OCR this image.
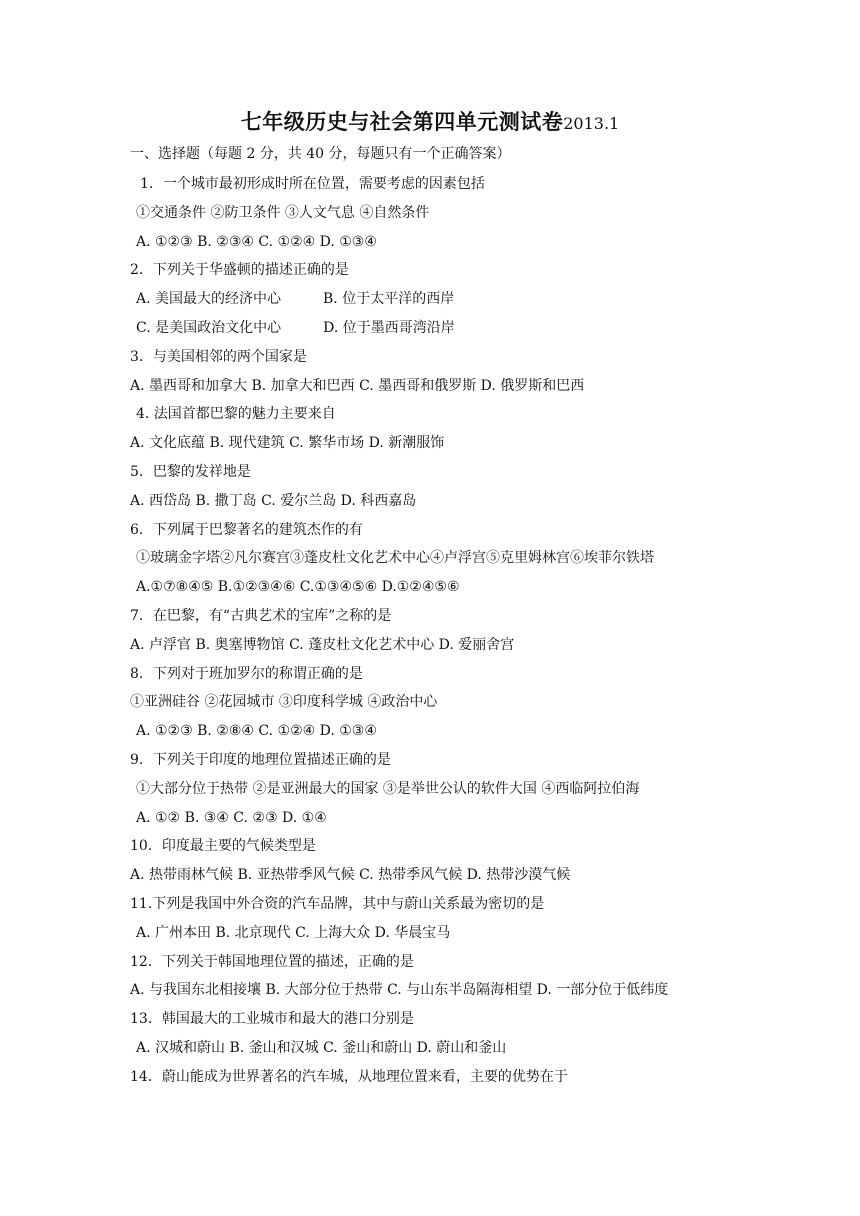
七年级历史与社会第四单元测试卷2013.1
一、选择题（每题 2 分，共 40 分，每题只有一个正确答案）
1．一个城市最初形成时所在位置，需要考虑的因素包括
①交通条件 ②防卫条件 ③人文气息 ④自然条件
A. ①②③ B. ②③④ C. ①②④ D. ①③④
2．下列关于华盛顿的描述正确的是
A. 美国最大的经济中心　　　B. 位于太平洋的西岸
C. 是美国政治文化中心　　　D. 位于墨西哥湾沿岸
3．与美国相邻的两个国家是
A. 墨西哥和加拿大 B. 加拿大和巴西 C. 墨西哥和俄罗斯 D. 俄罗斯和巴西
4. 法国首都巴黎的魅力主要来自
A. 文化底蕴 B. 现代建筑 C. 繁华市场 D. 新潮服饰
5．巴黎的发祥地是
A. 西岱岛 B. 撒丁岛 C. 爱尔兰岛 D. 科西嘉岛
6．下列属于巴黎著名的建筑杰作的有
①玻璃金字塔②凡尔赛宫③蓬皮杜文化艺术中心④卢浮宫⑤克里姆林宫⑥埃菲尔铁塔
A.①⑦⑧④⑤ B.①②③④⑥ C.①③④⑤⑥ D.①②④⑤⑥
7．在巴黎，有“古典艺术的宝库”之称的是
A. 卢浮官 B. 奥塞博物馆 C. 蓬皮杜文化艺术中心 D. 爱丽舍宫
8．下列对于班加罗尔的称谓正确的是
①亚洲硅谷 ②花园城市 ③印度科学城 ④政治中心
A. ①②③ B. ②⑧④ C. ①②④ D. ①③④
9．下列关于印度的地理位置描述正确的是
①大部分位于热带 ②是亚洲最大的国家 ③是举世公认的软件大国 ④西临阿拉伯海
A. ①② B. ③④ C. ②③ D. ①④
10．印度最主要的气候类型是
A. 热带雨林气候 B. 亚热带季风气候 C. 热带季风气候 D. 热带沙漠气候
11.下列是我国中外合资的汽车品牌，其中与蔚山关系最为密切的是
A. 广州本田 B. 北京现代 C. 上海大众 D. 华晨宝马
12．下列关于韩国地理位置的描述，正确的是
A. 与我国东北相接壤 B. 大部分位于热带 C. 与山东半岛隔海相望 D. 一部分位于低纬度
13．韩国最大的工业城市和最大的港口分别是
A. 汉城和蔚山 B. 釜山和汉城 C. 釜山和蔚山 D. 蔚山和釜山
14．蔚山能成为世界著名的汽车城，从地理位置来看，主要的优势在于
